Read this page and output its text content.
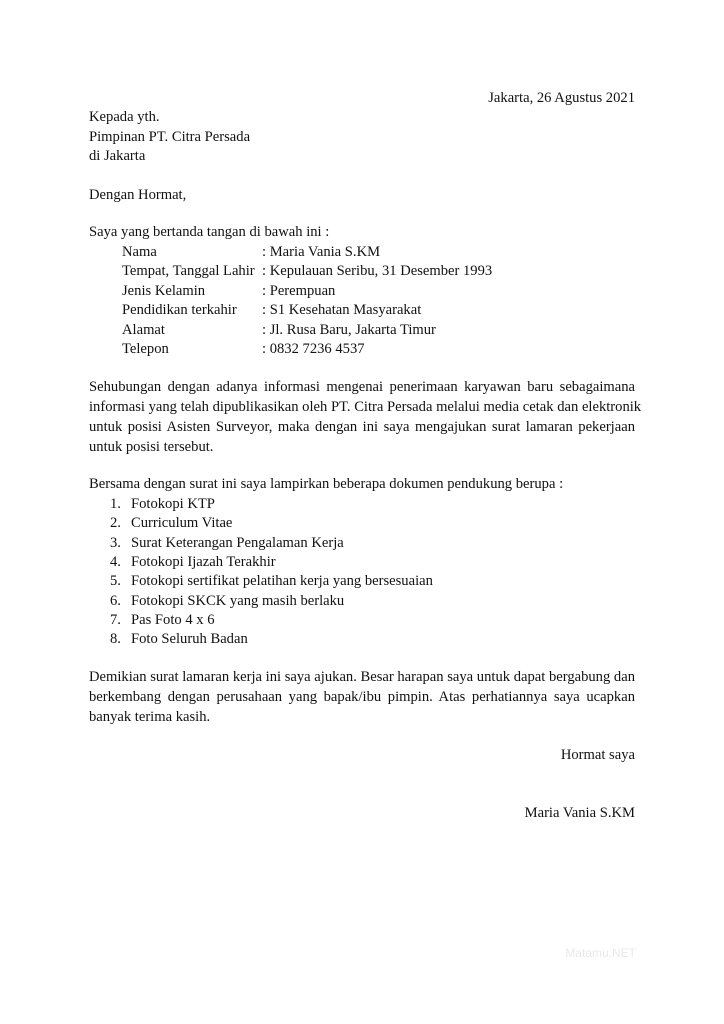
Jakarta, 26 Agustus 2021
Kepada yth.
Pimpinan PT. Citra Persada
di Jakarta
Dengan Hormat,
Saya yang bertanda tangan di bawah ini :
Nama	: Maria Vania S.KM
Tempat, Tanggal Lahir : Kepulauan Seribu, 31 Desember 1993
Jenis Kelamin	: Perempuan
Pendidikan terkahir : S1 Kesehatan Masyarakat
Alamat	: Jl. Rusa Baru, Jakarta Timur
Telepon	: 0832 7236 4537
Sehubungan dengan adanya informasi mengenai penerimaan karyawan baru sebagaimana
informasi yang telah dipublikasikan oleh PT. Citra Persada melalui media cetak dan elektronik
untuk posisi Asisten Surveyor, maka dengan ini saya mengajukan surat lamaran pekerjaan
untuk posisi tersebut.
Bersama dengan surat ini saya lampirkan beberapa dokumen pendukung berupa :
1. Fotokopi KTP
2. Curriculum Vitae
3. Surat Keterangan Pengalaman Kerja
4. Fotokopi Ijazah Terakhir
5. Fotokopi sertifikat pelatihan kerja yang bersesuaian
6. Fotokopi SKCK yang masih berlaku
7. Pas Foto 4 x 6
8. Foto Seluruh Badan
Demikian surat lamaran kerja ini saya ajukan. Besar harapan saya untuk dapat bergabung dan
berkembang dengan perusahaan yang bapak/ibu pimpin. Atas perhatiannya saya ucapkan
banyak terima kasih.
Hormat saya
Maria Vania S.KM
Matamu.NET
